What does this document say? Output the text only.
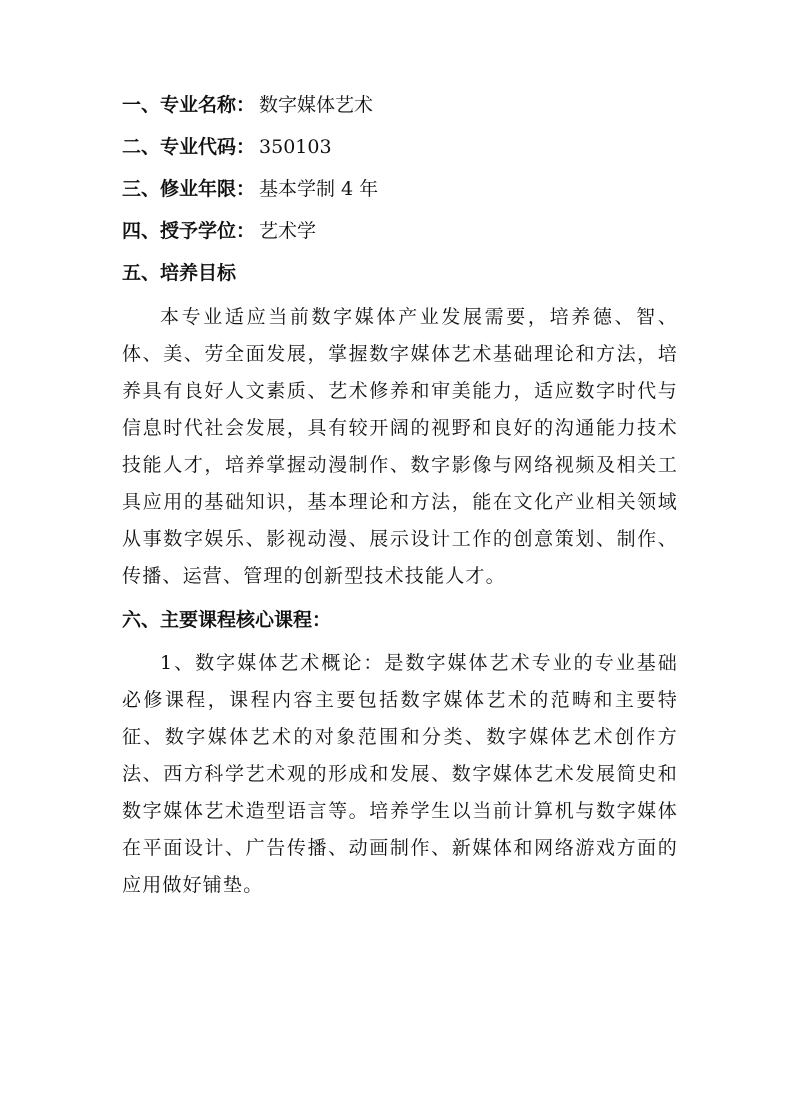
一、专业名称： 数字媒体艺术
二、专业代码： 350103
三、修业年限： 基本学制 4 年
四、授予学位： 艺术学
五、培养目标

本专业适应当前数字媒体产业发展需要，培养德、智、体、美、劳全面发展，掌握数字媒体艺术基础理论和方法，培养具有良好人文素质、艺术修养和审美能力，适应数字时代与信息时代社会发展，具有较开阔的视野和良好的沟通能力技术技能人才，培养掌握动漫制作、数字影像与网络视频及相关工具应用的基础知识，基本理论和方法，能在文化产业相关领域从事数字娱乐、影视动漫、展示设计工作的创意策划、制作、传播、运营、管理的创新型技术技能人才。

六、主要课程核心课程：

1、数字媒体艺术概论：是数字媒体艺术专业的专业基础必修课程，课程内容主要包括数字媒体艺术的范畴和主要特征、数字媒体艺术的对象范围和分类、数字媒体艺术创作方法、西方科学艺术观的形成和发展、数字媒体艺术发展简史和数字媒体艺术造型语言等。培养学生以当前计算机与数字媒体在平面设计、广告传播、动画制作、新媒体和网络游戏方面的应用做好铺垫。
